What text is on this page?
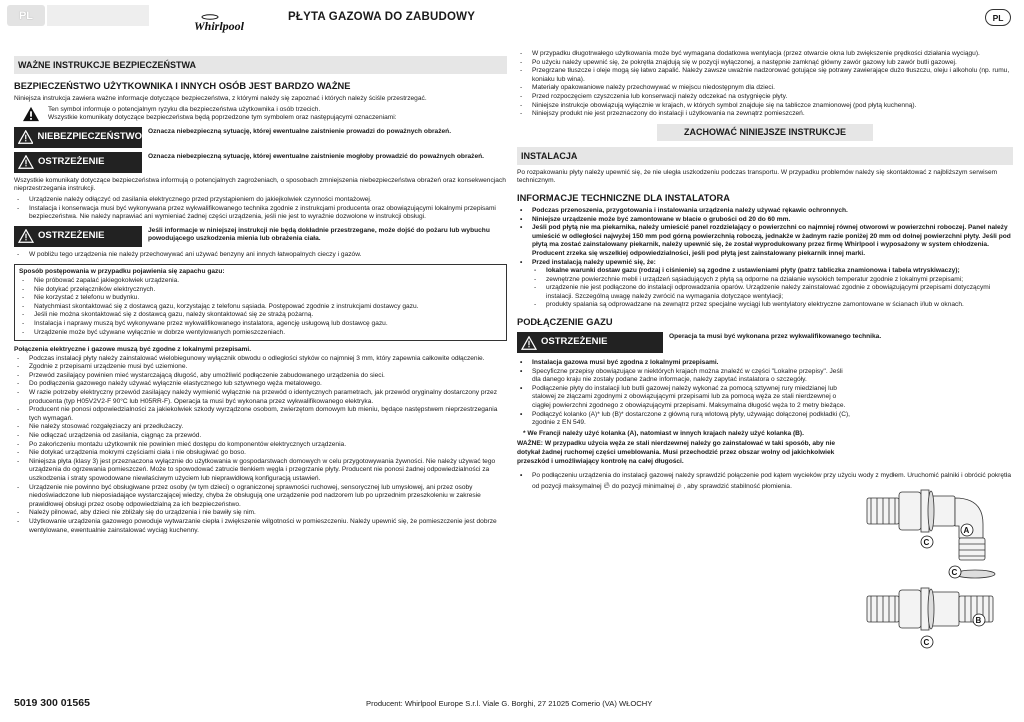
PL
Whirlpool
PŁYTA GAZOWA DO ZABUDOWY	PL
WAŻNE INSTRUKCJE BEZPIECZEŃSTWA
BEZPIECZEŃSTWO UŻYTKOWNIKA I INNYCH OSÓB JEST BARDZO WAŻNE
Niniejsza instrukcja zawiera ważne informacje dotyczące bezpieczeństwa, z którymi należy się zapoznać i których należy ściśle przestrzegać.
Ten symbol informuje o potencjalnym ryzyku dla bezpieczeństwa użytkownika i osób trzecich.
Wszystkie komunikaty dotyczące bezpieczeństwa będą poprzedzone tym symbolem oraz następującymi oznaczeniami:
NIEBEZPIECZEŃSTWO Oznacza niebezpieczną sytuację, której ewentualne zaistnienie prowadzi do poważnych obrażeń.
OSTRZEŻENIE	Oznacza niebezpieczną sytuację, której ewentualne zaistnienie mogłoby prowadzić do poważnych obrażeń.
Wszystkie komunikaty dotyczące bezpieczeństwa informują o potencjalnych zagrożeniach, o sposobach zmniejszenia niebezpieczeństwa obrażeń oraz konsekwencjach nieprzestrzegania instrukcji.
- Urządzenie należy odłączyć od zasilania elektrycznego przed przystąpieniem do jakiejkolwiek czynności montażowej.
- Instalacja i konserwacja musi być wykonywana przez wykwalifikowanego technika zgodnie z instrukcjami producenta oraz obowiązującymi lokalnymi przepisami bezpieczeństwa. Nie należy naprawiać ani wymieniać żadnej części urządzenia, jeśli nie jest to wyraźnie dozwolone w instrukcji obsługi.
OSTRZEŻENIE	Jeśli informacje w niniejszej instrukcji nie będą dokładnie przestrzegane, może dojść do pożaru lub wybuchu powodującego uszkodzenia mienia lub obrażenia ciała.
- W pobliżu tego urządzenia nie należy przechowywać ani używać benzyny ani innych łatwopalnych cieczy i gazów.
Sposób postępowania w przypadku pojawienia się zapachu gazu:
- Nie próbować zapalać jakiegokolwiek urządzenia.
- Nie dotykać przełączników elektrycznych.
- Nie korzystać z telefonu w budynku.
- Natychmiast skontaktować się z dostawcą gazu, korzystając z telefonu sąsiada. Postępować zgodnie z instrukcjami dostawcy gazu.
- Jeśli nie można skontaktować się z dostawcą gazu, należy skontaktować się ze strażą pożarną.
- Instalacja i naprawy muszą być wykonywane przez wykwalifikowanego instalatora, agencję usługową lub dostawcę gazu.
- Urządzenie może być używane wyłącznie w dobrze wentylowanych pomieszczeniach.
Połączenia elektryczne i gazowe muszą być zgodne z lokalnymi przepisami.
- Podczas instalacji płyty należy zainstalować wielobiegunowy wyłącznik obwodu o odległości styków co najmniej 3 mm, który zapewnia całkowite odłączenie.
- Zgodnie z przepisami urządzenie musi być uziemione.
- Przewód zasilający powinien mieć wystarczającą długość, aby umożliwić podłączenie zabudowanego urządzenia do sieci.
- Do podłączenia gazowego należy używać wyłącznie elastycznego lub sztywnego węża metalowego.
- W razie potrzeby elektryczny przewód zasilający należy wymienić wyłącznie na przewód o identycznych parametrach, jak przewód oryginalny dostarczony przez producenta (typ H05V2V2-F 90°C lub H05RR-F). Operacja ta musi być wykonana przez wykwalifikowanego elektryka.
- Producent nie ponosi odpowiedzialności za jakiekolwiek szkody wyrządzone osobom, zwierzętom domowym lub mieniu, będące następstwem nieprzestrzegania tych wymagań.
- Nie należy stosować rozgałęziaczy ani przedłużaczy.
- Nie odłączać urządzenia od zasilania, ciągnąc za przewód.
- Po zakończeniu montażu użytkownik nie powinien mieć dostępu do komponentów elektrycznych urządzenia.
- Nie dotykać urządzenia mokrymi częściami ciała i nie obsługiwać go boso.
- Niniejsza płyta (klasy 3) jest przeznaczona wyłącznie do użytkowania w gospodarstwach domowych w celu przygotowywania żywności. Nie należy używać tego urządzenia do ogrzewania pomieszczeń. Może to spowodować zatrucie tlenkiem węgla i przegrzanie płyty. Producent nie ponosi żadnej odpowiedzialności za uszkodzenia i straty spowodowane niewłaściwym użyciem lub nieprawidłową konfiguracją ustawień.
- Urządzenie nie powinno być obsługiwane przez osoby (w tym dzieci) o ograniczonej sprawności ruchowej, sensorycznej lub umysłowej, ani przez osoby niedoświadczone lub nieposiadające wystarczającej wiedzy, chyba że obsługują one urządzenie pod nadzorem lub po uprzednim przeszkoleniu w zakresie prawidłowej obsługi przez osobę odpowiedzialną za ich bezpieczeństwo.
- Należy pilnować, aby dzieci nie zbliżały się do urządzenia i nie bawiły się nim.
- Użytkowanie urządzenia gazowego powoduje wytwarzanie ciepła i zwiększenie wilgotności w pomieszczeniu. Należy upewnić się, że pomieszczenie jest dobrze wentylowane, ewentualnie zainstalować wyciąg kuchenny.
- W przypadku długotrwałego użytkowania może być wymagana dodatkowa wentylacja (przez otwarcie okna lub zwiększenie prędkości działania wyciągu).
- Po użyciu należy upewnić się, że pokrętła znajdują się w pozycji wyłączonej, a następnie zamknąć główny zawór gazowy lub zawór butli gazowej.
- Przegrzane tłuszcze i oleje mogą się łatwo zapalić. Należy zawsze uważnie nadzorować gotujące się potrawy zawierające dużo tłuszczu, oleju i alkoholu (np. rumu, koniaku lub wina).
- Materiały opakowaniowe należy przechowywać w miejscu niedostępnym dla dzieci.
- Przed rozpoczęciem czyszczenia lub konserwacji należy odczekać na ostygnięcie płyty.
- Niniejsze instrukcje obowiązują wyłącznie w krajach, w których symbol znajduje się na tabliczce znamionowej (pod płytą kuchenną).
- Niniejszy produkt nie jest przeznaczony do instalacji i użytkowania na zewnątrz pomieszczeń.
ZACHOWAĆ NINIEJSZE INSTRUKCJE
INSTALACJA
Po rozpakowaniu płyty należy upewnić się, że nie uległa uszkodzeniu podczas transportu. W przypadku problemów należy się skontaktować z najbliższym serwisem technicznym.
INFORMACJE TECHNICZNE DLA INSTALATORA
• Podczas przenoszenia, przygotowania i instalowania urządzenia należy używać rękawic ochronnych.
• Niniejsze urządzenie może być zamontowane w blacie o grubości od 20 do 60 mm.
• Jeśli pod płytą nie ma piekarnika, należy umieścić panel rozdzielający o powierzchni co najmniej równej otworowi w powierzchni roboczej. Panel należy umieścić w odległości najwyżej 150 mm pod górną powierzchnią roboczą, jednakże w żadnym razie poniżej 20 mm od dolnej powierzchni płyty. Jeśli pod płytą ma zostać zainstalowany piekarnik, należy upewnić się, że został wyprodukowany przez firmę Whirlpool i wyposażony w system chłodzenia. Producent zrzeka się wszelkiej odpowiedzialności, jeśli pod płytą jest zainstalowany piekarnik innej marki.
• Przed instalacją należy upewnić się, że:
- lokalne warunki dostaw gazu (rodzaj i ciśnienie) są zgodne z ustawieniami płyty (patrz tabliczka znamionowa i tabela wtryskiwaczy);
- zewnętrzne powierzchnie mebli i urządzeń sąsiadujących z płytą są odporne na działanie wysokich temperatur zgodnie z lokalnymi przepisami;
- urządzenie nie jest podłączone do instalacji odprowadzania oparów. Urządzenie należy zainstalować zgodnie z obowiązującymi przepisami dotyczącymi instalacji. Szczególną uwagę należy zwrócić na wymagania dotyczące wentylacji;
- produkty spalania są odprowadzane na zewnątrz przez specjalne wyciągi lub wentylatory elektryczne zamontowane w ścianach i/lub w oknach.
PODŁĄCZENIE GAZU
OSTRZEŻENIE	Operacja ta musi być wykonana przez wykwalifikowanego technika.
• Instalacja gazowa musi być zgodna z lokalnymi przepisami.
• Specyficzne przepisy obowiązujące w niektórych krajach można znaleźć w części "Lokalne przepisy". Jeśli dla danego kraju nie zostały podane żadne informacje, należy zapytać instalatora o szczegóły.
• Podłączenie płyty do instalacji lub butli gazowej należy wykonać za pomocą sztywnej rury miedzianej lub stalowej ze złączami zgodnymi z obowiązującymi przepisami lub za pomocą węża ze stali nierdzewnej o ciągłej powierzchni zgodnego z obowiązującymi przepisami. Maksymalna długość węża to 2 metry bieżące.
• Podłączyć kolanko (A)* lub (B)* dostarczone z główną rurą wlotową płyty, używając dołączonej podkładki (C), zgodnie z EN 549.
* We Francji należy użyć kolanka (A), natomiast w innych krajach należy użyć kolanka (B).
WAŻNE: W przypadku użycia węża ze stali nierdzewnej należy go zainstalować w taki sposób, aby nie dotykał żadnej ruchomej części umeblowania. Musi przechodzić przez obszar wolny od jakichkolwiek przeszkód i umożliwiający kontrolę na całej długości.
• Po podłączeniu urządzenia do instalacji gazowej należy sprawdzić połączenie pod kątem wycieków przy użyciu wody z mydłem. Uruchomić palniki i obrócić pokrętła od pozycji maksymalnej 🔥︎ do pozycji minimalnej 🔥︎ , aby sprawdzić stabilność płomienia.
A
C
C
B
C
5019 300 01565	Producent: Whirlpool Europe S.r.l. Viale G. Borghi, 27 21025 Comerio (VA) WŁOCHY
